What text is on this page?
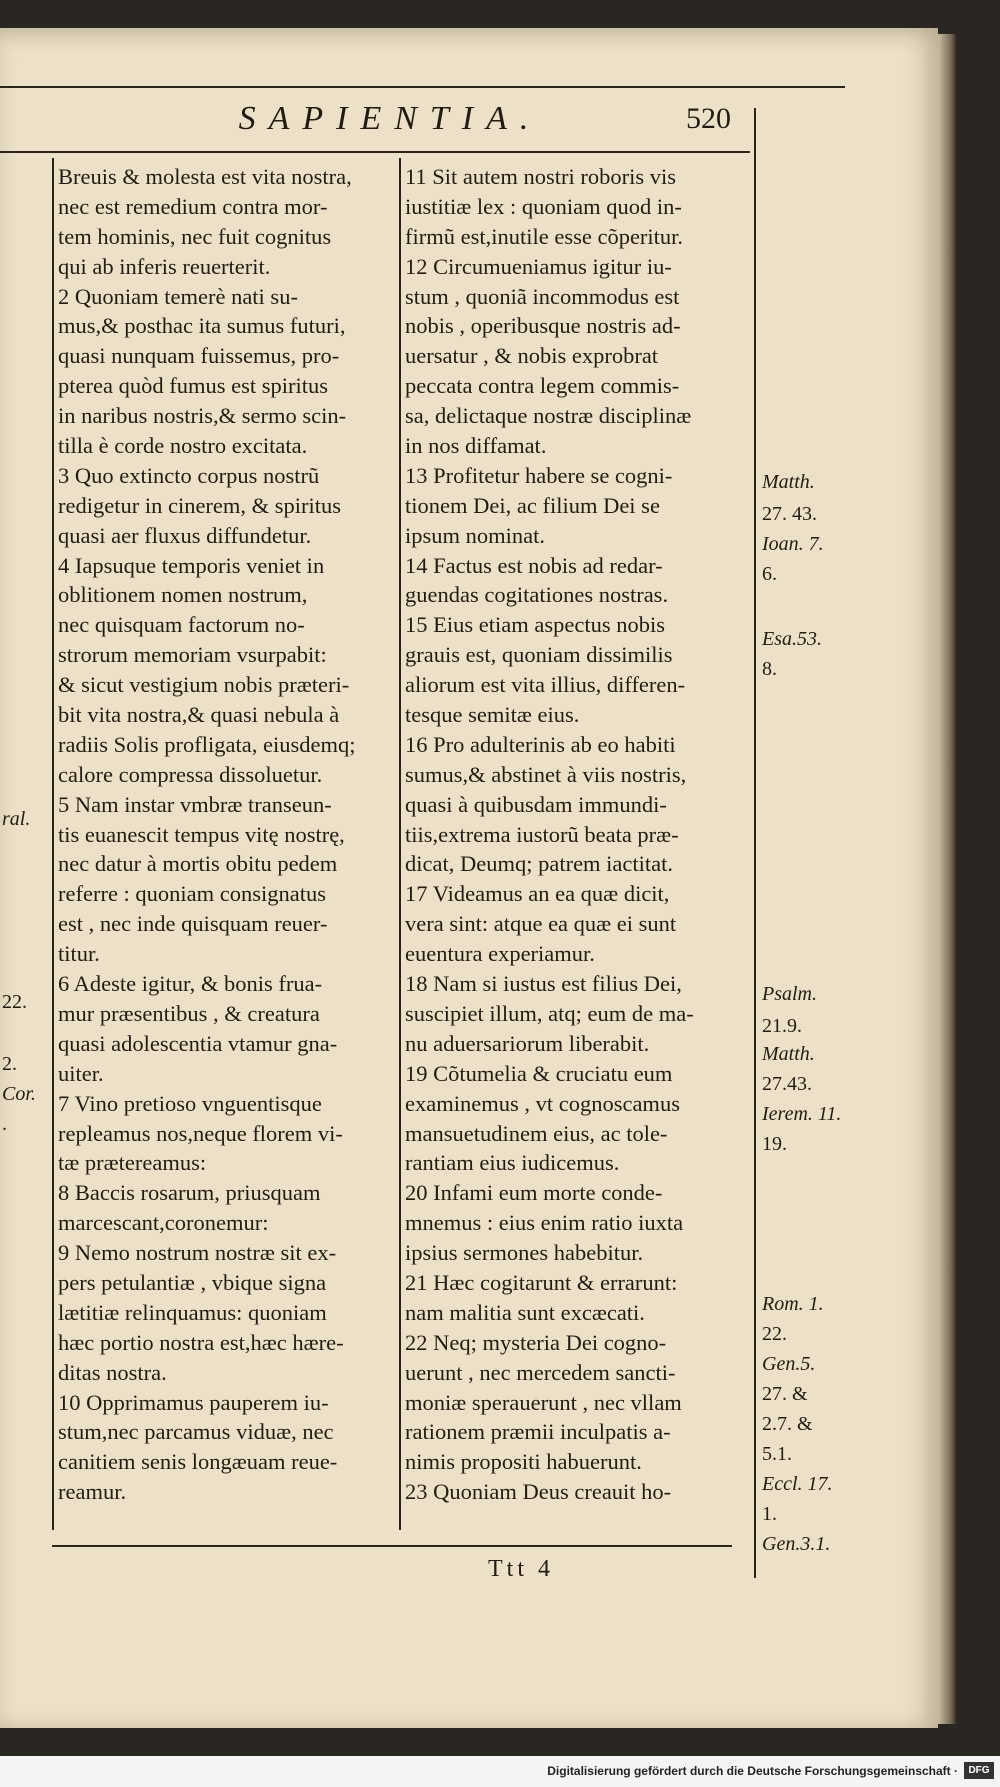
SAPIENTIA.	520
Breuis & molesta est vita nostra,
nec est remedium contra mor-
tem hominis, nec fuit cognitus
qui ab inferis reuerterit.
2 Quoniam temerè nati su-
mus,& posthac ita sumus futuri,
quasi nunquam fuissemus, pro-
pterea quòd fumus est spiritus
in naribus nostris,& sermo scin-
tilla è corde nostro excitata.
3 Quo extincto corpus nostrũ
redigetur in cinerem, & spiritus
quasi aer fluxus diffundetur.
4 Iapsuque temporis veniet in
oblitionem nomen nostrum,
nec quisquam factorum no-
strorum memoriam vsurpabit:
& sicut vestigium nobis præteri-
bit vita nostra,& quasi nebula à
radiis Solis profligata, eiusdemq;
calore compressa dissoluetur.
5 Nam instar vmbræ transeun-
tis euanescit tempus vitę nostrę,
nec datur à mortis obitu pedem
referre : quoniam consignatus
est , nec inde quisquam reuer-
titur.
6 Adeste igitur, & bonis frua-
mur præsentibus , & creatura
quasi adolescentia vtamur gna-
uiter.
7 Vino pretioso vnguentisque
repleamus nos,neque florem vi-
tæ prætereamus:
8 Baccis rosarum, priusquam
marcescant,coronemur:
9 Nemo nostrum nostræ sit ex-
pers petulantiæ , vbique signa
lætitiæ relinquamus: quoniam
hæc portio nostra est,hæc hære-
ditas nostra.
10 Opprimamus pauperem iu-
stum,nec parcamus viduæ, nec
canitiem senis longæuam reue-
reamur.
11 Sit autem nostri roboris vis
iustitiæ lex : quoniam quod in-
firmũ est,inutile esse cõperitur.
12 Circumueniamus igitur iu-
stum , quoniã incommodus est
nobis , operibusque nostris ad-
uersatur , & nobis exprobrat
peccata contra legem commis-
sa, delictaque nostræ disciplinæ
in nos diffamat.
13 Profitetur habere se cogni-
tionem Dei, ac filium Dei se
ipsum nominat.
14 Factus est nobis ad redar-
guendas cogitationes nostras.
15 Eius etiam aspectus nobis
grauis est, quoniam dissimilis
aliorum est vita illius, differen-
tesque semitæ eius.
16 Pro adulterinis ab eo habiti
sumus,& abstinet à viis nostris,
quasi à quibusdam immundi-
tiis,extrema iustorũ beata præ-
dicat, Deumq; patrem iactitat.
17 Videamus an ea quæ dicit,
vera sint: atque ea quæ ei sunt
euentura experiamur.
18 Nam si iustus est filius Dei,
suscipiet illum, atq; eum de ma-
nu aduersariorum liberabit.
19 Cõtumelia & cruciatu eum
examinemus , vt cognoscamus
mansuetudinem eius, ac tole-
rantiam eius iudicemus.
20 Infami eum morte conde-
mnemus : eius enim ratio iuxta
ipsius sermones habebitur.
21 Hæc cogitarunt & errarunt:
nam malitia sunt excæcati.
22 Neq; mysteria Dei cogno-
uerunt , nec mercedem sancti-
moniæ sperauerunt , nec vllam
rationem præmii inculpatis a-
nimis propositi habuerunt.
23 Quoniam Deus creauit ho-
Matth.
27. 43.
Ioan. 7.
6.
Esa.53.
8.
Psalm.
21.9.
Matth.
27.43.
Ierem. 11.
19.
Rom. 1.
22.
Gen.5.
27. &
2.7. &
5.1.
Eccl. 17.
1.
Gen.3.1.
ral.
22.
2.
Cor.
.
Ttt 4
Digitalisierung gefördert durch die Deutsche Forschungsgemeinschaft ·	DFG
